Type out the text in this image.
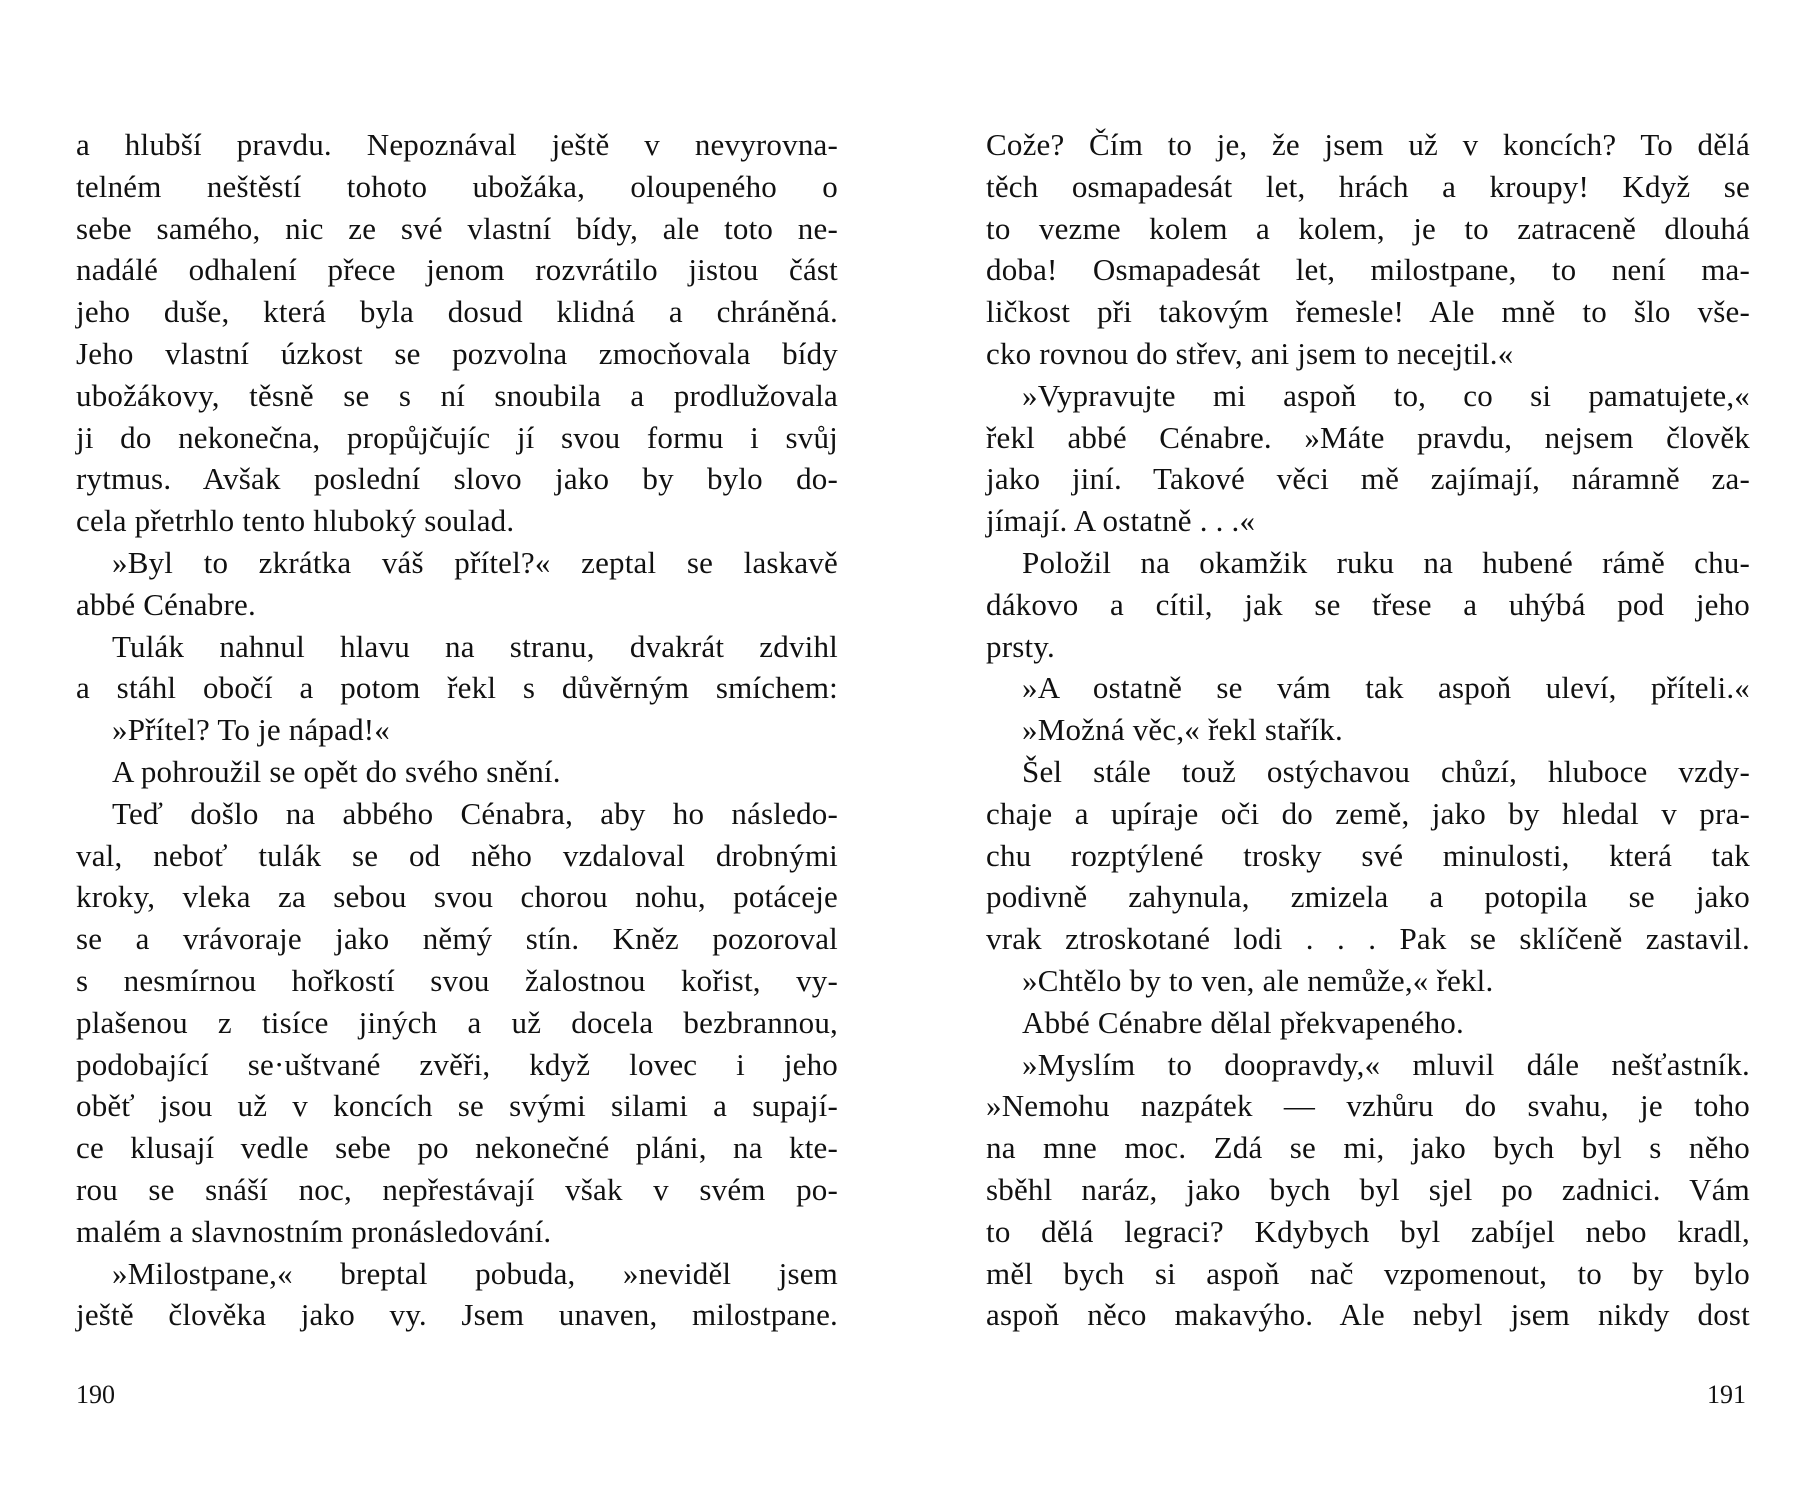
a hlubší pravdu. Nepoznával ještě v nevyrovna-
telném neštěstí tohoto ubožáka, oloupeného o
sebe samého, nic ze své vlastní bídy, ale toto ne-
nadálé odhalení přece jenom rozvrátilo jistou část
jeho duše, která byla dosud klidná a chráněná.
Jeho vlastní úzkost se pozvolna zmocňovala bídy
ubožákovy, těsně se s ní snoubila a prodlužovala
ji do nekonečna, propůjčujíc jí svou formu i svůj
rytmus. Avšak poslední slovo jako by bylo do-
cela přetrhlo tento hluboký soulad.
»Byl to zkrátka váš přítel?« zeptal se laskavě
abbé Cénabre.
Tulák nahnul hlavu na stranu, dvakrát zdvihl
a stáhl obočí a potom řekl s důvěrným smíchem:
»Přítel? To je nápad!«
A pohroužil se opět do svého snění.
Teď došlo na abbého Cénabra, aby ho následo-
val, neboť tulák se od něho vzdaloval drobnými
kroky, vleka za sebou svou chorou nohu, potáceje
se a vrávoraje jako němý stín. Kněz pozoroval
s nesmírnou hořkostí svou žalostnou kořist, vy-
plašenou z tisíce jiných a už docela bezbrannou,
podobající se·uštvané zvěři, když lovec i jeho
oběť jsou už v koncích se svými silami a supají-
ce klusají vedle sebe po nekonečné pláni, na kte-
rou se snáší noc, nepřestávají však v svém po-
malém a slavnostním pronásledování.
»Milostpane,« breptal pobuda, »neviděl jsem
ještě člověka jako vy. Jsem unaven, milostpane.
190
Cože? Čím to je, že jsem už v koncích? To dělá
těch osmapadesát let, hrách a kroupy! Když se
to vezme kolem a kolem, je to zatraceně dlouhá
doba! Osmapadesát let, milostpane, to není ma-
ličkost při takovým řemesle! Ale mně to šlo vše-
cko rovnou do střev, ani jsem to necejtil.«
»Vypravujte mi aspoň to, co si pamatujete,«
řekl abbé Cénabre. »Máte pravdu, nejsem člověk
jako jiní. Takové věci mě zajímají, náramně za-
jímají. A ostatně . . .«
Položil na okamžik ruku na hubené rámě chu-
dákovo a cítil, jak se třese a uhýbá pod jeho
prsty.
»A ostatně se vám tak aspoň uleví, příteli.«
»Možná věc,« řekl stařík.
Šel stále touž ostýchavou chůzí, hluboce vzdy-
chaje a upíraje oči do země, jako by hledal v pra-
chu rozptýlené trosky své minulosti, která tak
podivně zahynula, zmizela a potopila se jako
vrak ztroskotané lodi . . . Pak se sklíčeně zastavil.
»Chtělo by to ven, ale nemůže,« řekl.
Abbé Cénabre dělal překvapeného.
»Myslím to doopravdy,« mluvil dále nešťastník.
»Nemohu nazpátek — vzhůru do svahu, je toho
na mne moc. Zdá se mi, jako bych byl s něho
sběhl naráz, jako bych byl sjel po zadnici. Vám
to dělá legraci? Kdybych byl zabíjel nebo kradl,
měl bych si aspoň nač vzpomenout, to by bylo
aspoň něco makavýho. Ale nebyl jsem nikdy dost
191
